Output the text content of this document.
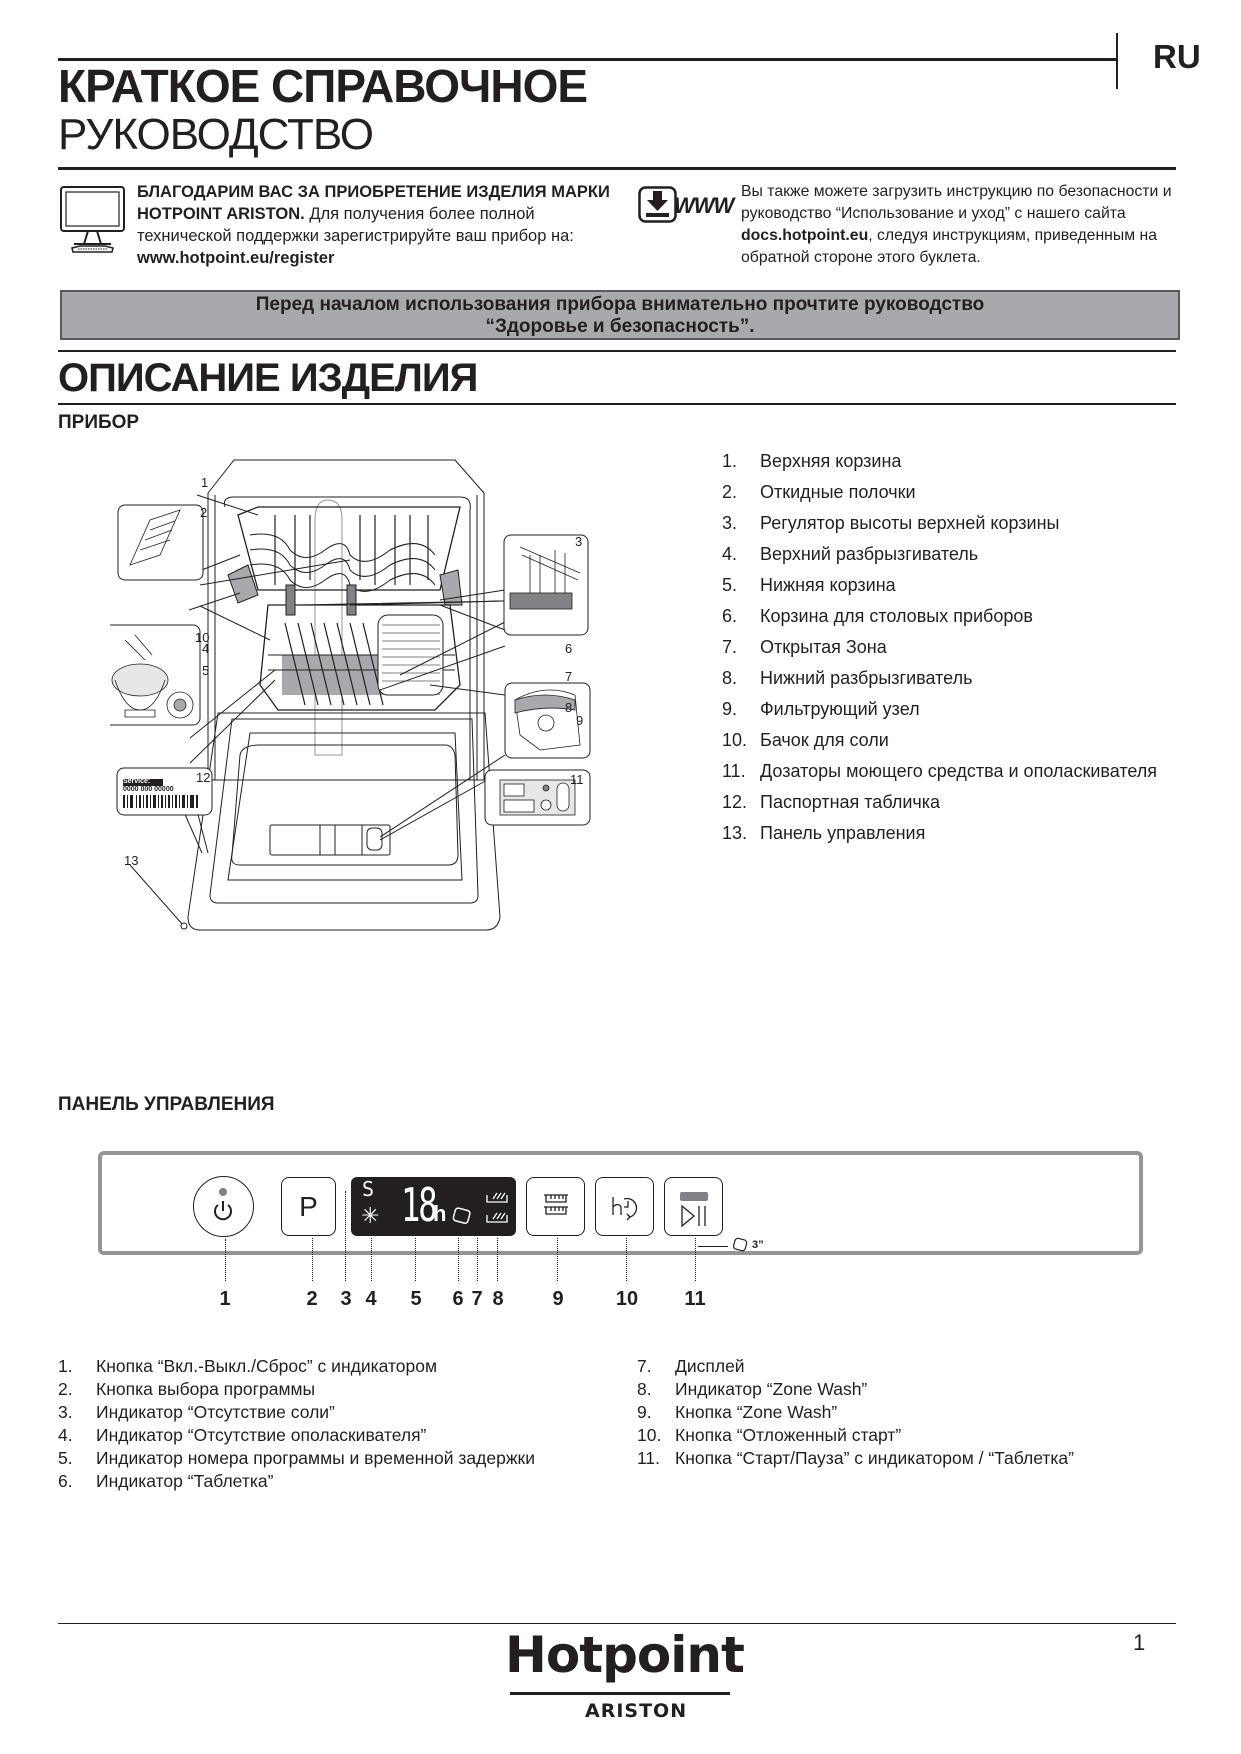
RU
КРАТКОЕ СПРАВОЧНОЕ
РУКОВОДСТВО
БЛАГОДАРИМ ВАС ЗА ПРИОБРЕТЕНИЕ ИЗДЕЛИЯ МАРКИ HOTPOINT ARISTON. Для получения более полной технической поддержки зарегистрируйте ваш прибор на: www.hotpoint.eu/register
WWW
Вы также можете загрузить инструкцию по безопасности и руководство “Использование и уход” с нашего сайта docs.hotpoint.eu, следуя инструкциям, приведенным на обратной стороне этого буклета.
Перед началом использования прибора внимательно прочтите руководство
“Здоровье и безопасность”.
ОПИСАНИЕ ИЗДЕЛИЯ
ПРИБОР
1
2
3
4
5
6
7
8
9
10
11
12
13
Service:
0000 000 00000
1.	Верхняя корзина
2.	Откидные полочки
3.	Регулятор высоты верхней корзины
4.	Верхний разбрызгиватель
5.	Нижняя корзина
6.	Корзина для столовых приборов
7.	Открытая Зона
8.	Нижний разбрызгиватель
9.	Фильтрующий узел
10. Бачок для соли
11. Дозаторы моющего средства и ополаскивателя
12. Паспортная табличка
13. Панель управления
ПАНЕЛЬ УПРАВЛЕНИЯ
P
S
✳ 18
h
3”
1	2 3 4 5 6 7 8 9	10 11
1.	Кнопка “Вкл.-Выкл./Сброс” с индикатором
2.	Кнопка выбора программы
3.	Индикатор “Отсутствие соли”
4.	Индикатор “Отсутствие ополаскивателя”
5.	Индикатор номера программы и временной задержки
6.	Индикатор “Таблетка”
7.	Дисплей
8.	Индикатор “Zone Wash”
9.	Кнопка “Zone Wash”
10. Кнопка “Отложенный старт”
11. Кнопка “Старт/Пауза” с индикатором / “Таблетка”
Hotpoint
ARISTON
1
